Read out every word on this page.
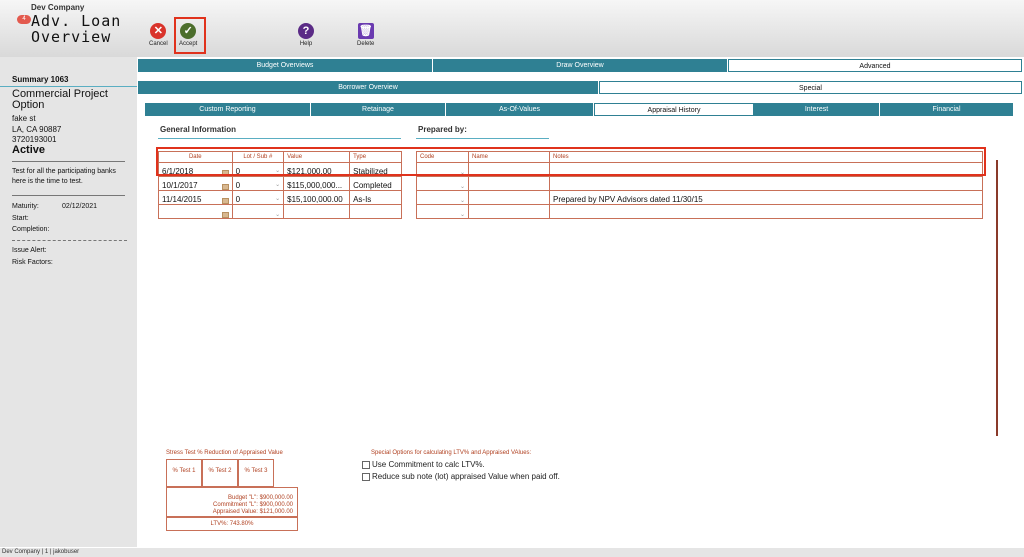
Dev Company
4 Adv. Loan
Overview	✕
Cancel
✓
Accept
?
Help
🗑
Delete
Summary 1063
Commercial Project Option
fake st
LA, CA 90887
3720193001
Active
Test for all the participating banks here is the time to test.
Maturity:	02/12/2021
Start:
Completion:
Issue Alert:
Risk Factors:
Budget Overviews	Draw Overview	Advanced
Borrower Overview	Special
Custom Reporting	Retainage	As-Of-Values	Appraisal History	Interest	Financial
General Information	Prepared by:
Date	Lot / Sub #	Value	Type
6/1/2018	0 ⌄	$121,000.00	Stabilized
10/1/2017	0 ⌄	$115,000,000...	Completed
11/14/2015	0 ⌄	$15,100,000.00	As-Is

	⌄		

Code	Name	Notes

⌄		

⌄		

⌄		Prepared by NPV Advisors dated 11/30/15

⌄		

Stress Test % Reduction of Appraised Value
% Test 1	% Test 2	% Test 3
Budget "L": $900,000.00
Commitment "L": $900,000.00
Appraised Value: $121,000.00
LTV%: 743.80%
Special Options for calculating LTV% and Appraised VAlues:
Use Commitment to calc LTV%.
Reduce sub note (lot) appraised Value when paid off.
Dev Company | 1 | jakobuser
